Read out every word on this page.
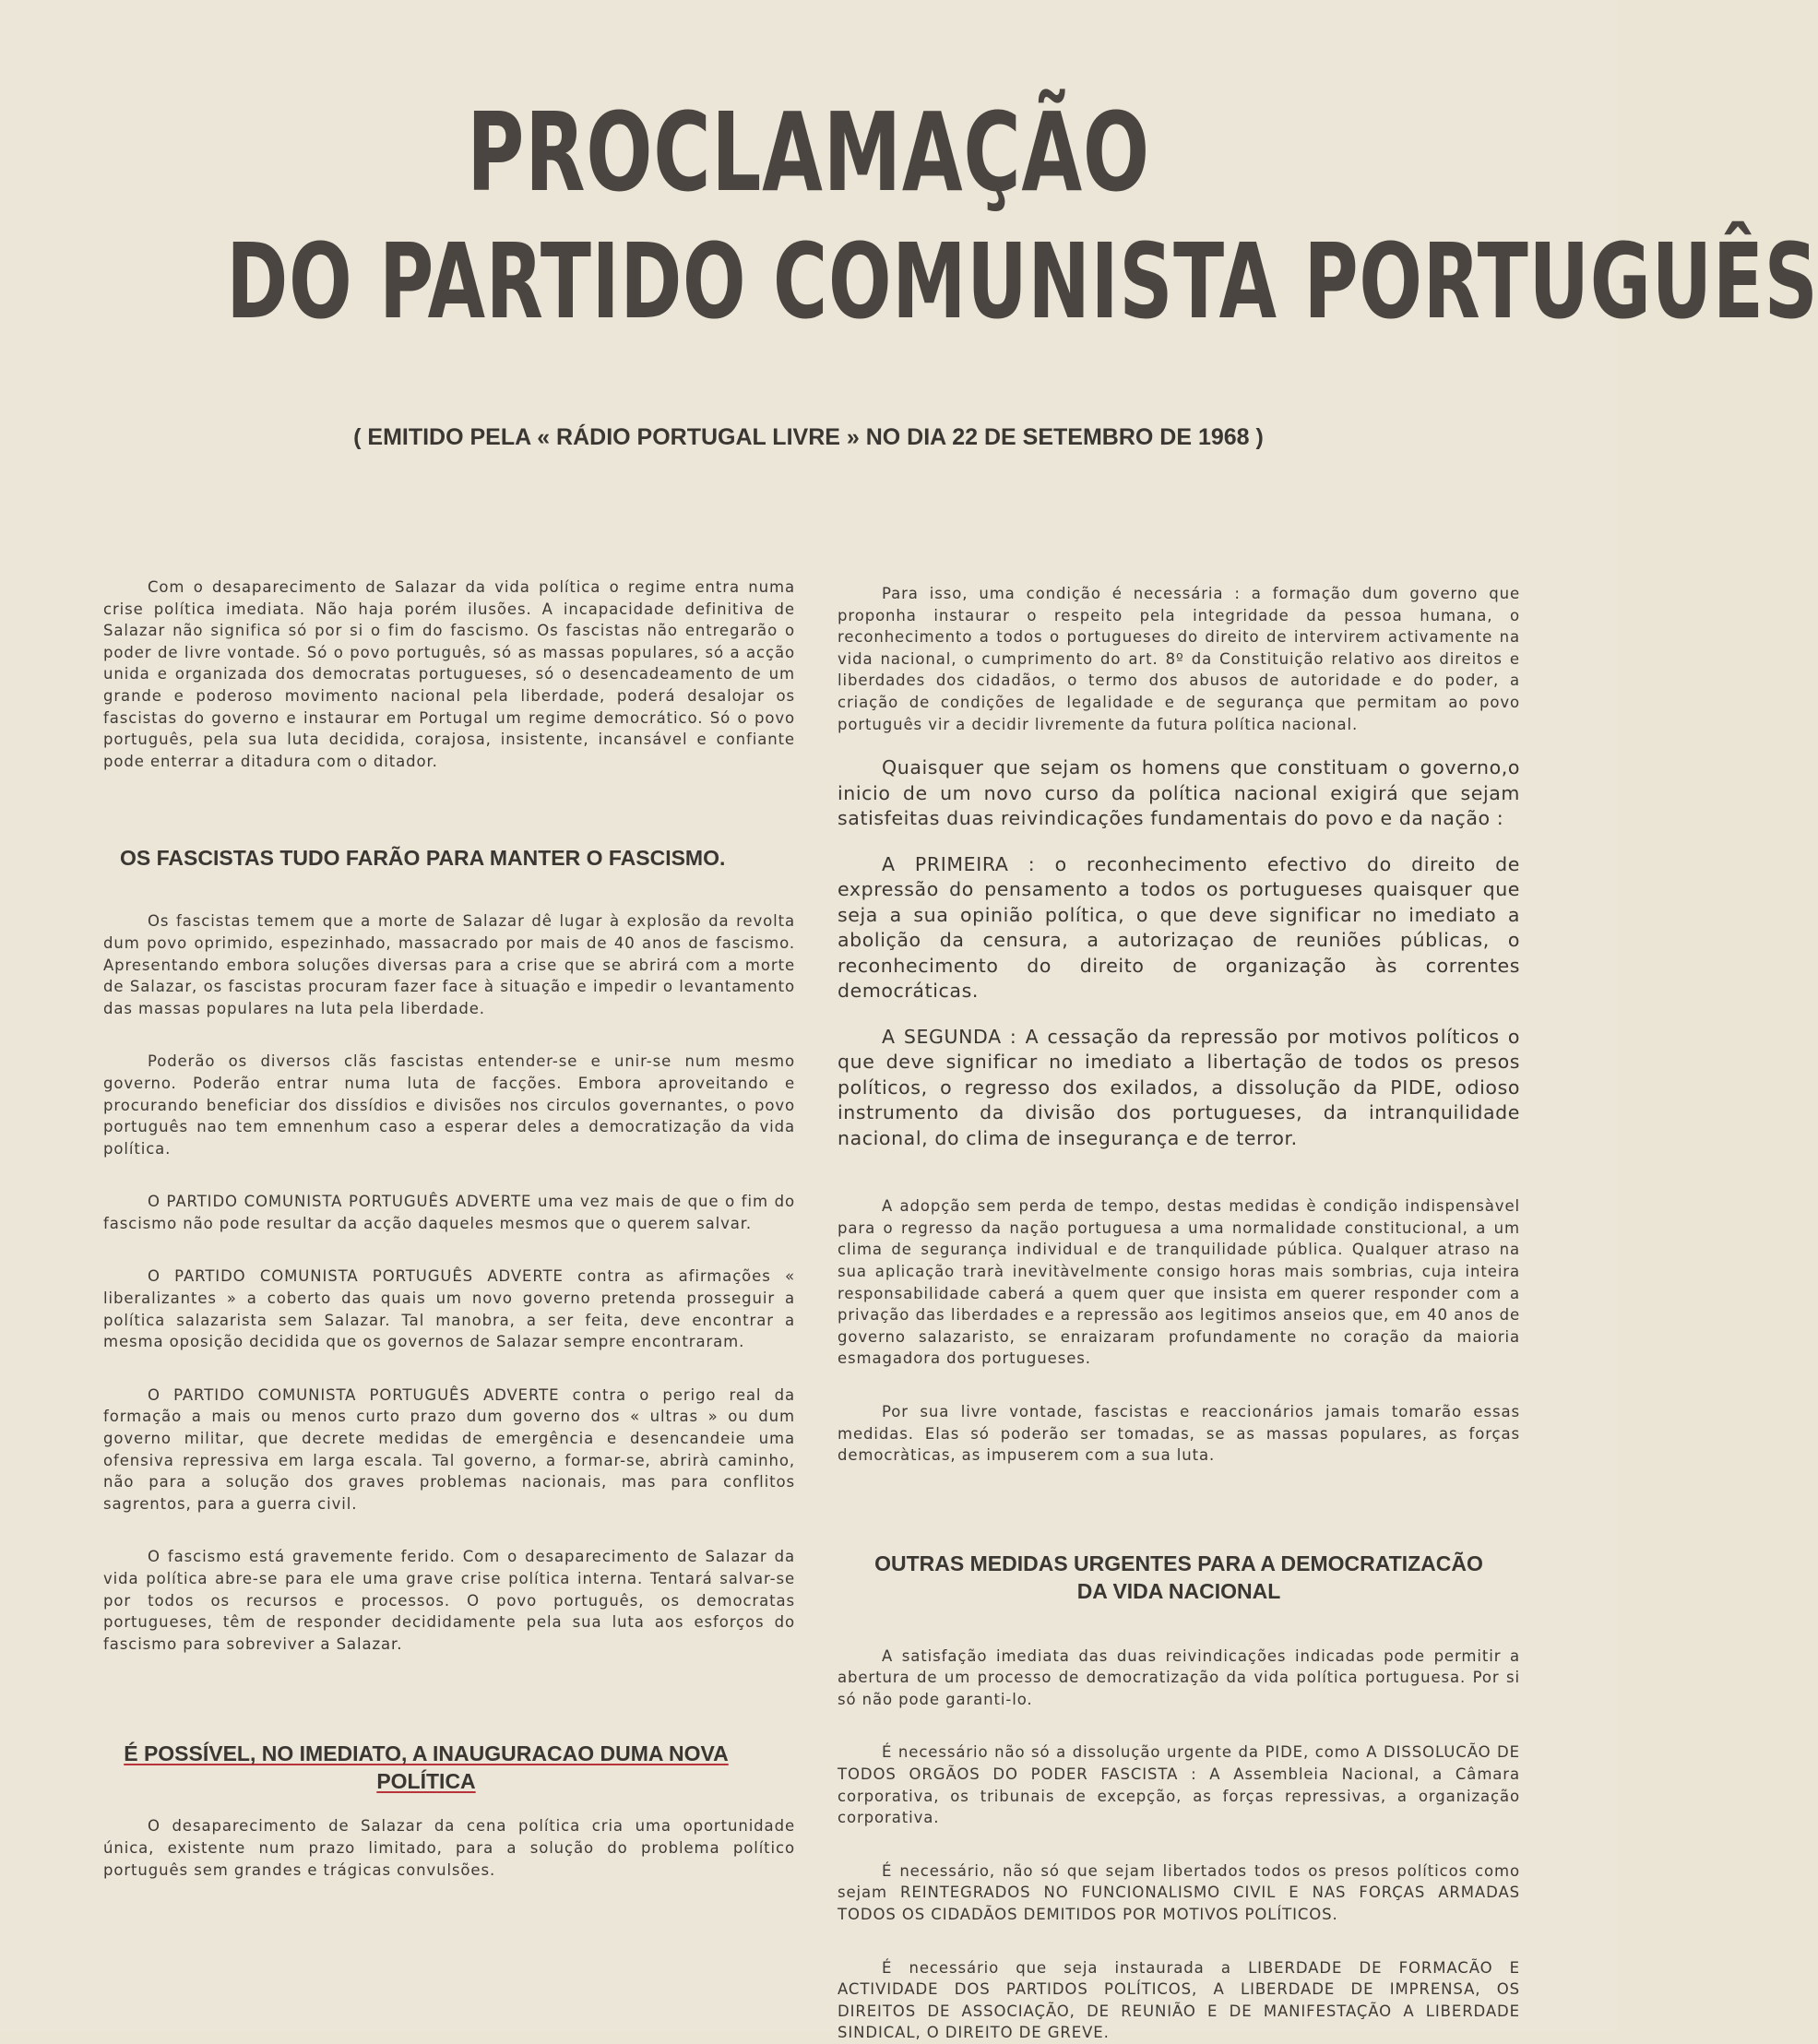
PROCLAMAÇÃO
DO PARTIDO COMUNISTA PORTUGUÊS
( EMITIDO PELA « RÁDIO PORTUGAL LIVRE » NO DIA 22 DE SETEMBRO DE 1968 )

Com o desaparecimento de Salazar da vida política o regime entra numa crise política imediata. Não haja porém ilusões. A incapacidade definitiva de Salazar não significa só por si o fim do fascismo. Os fascistas não entregarão o poder de livre vontade. Só o povo português, só as massas populares, só a acção unida e organizada dos democratas portugueses, só o desencadeamento de um grande e poderoso movimento nacional pela liberdade, poderá desalojar os fascistas do governo e instaurar em Portugal um regime democrático. Só o povo português, pela sua luta decidida, corajosa, insistente, incansável e confiante pode enterrar a ditadura com o ditador.

OS FASCISTAS TUDO FARÃO PARA MANTER O FASCISMO.

Os fascistas temem que a morte de Salazar dê lugar à explosão da revolta dum povo oprimido, espezinhado, massacrado por mais de 40 anos de fascismo. Apresentando embora soluções diversas para a crise que se abrirá com a morte de Salazar, os fascistas procuram fazer face à situação e impedir o levantamento das massas populares na luta pela liberdade.

Poderão os diversos clãs fascistas entender-se e unir-se num mesmo governo. Poderão entrar numa luta de facções. Embora aproveitando e procurando beneficiar dos dissídios e divisões nos circulos governantes, o povo português nao tem emnenhum caso a esperar deles a democratização da vida política.

O PARTIDO COMUNISTA PORTUGUÊS ADVERTE uma vez mais de que o fim do fascismo não pode resultar da acção daqueles mesmos que o querem salvar.

O PARTIDO COMUNISTA PORTUGUÊS ADVERTE contra as afirmações « liberalizantes » a coberto das quais um novo governo pretenda prosseguir a política salazarista sem Salazar. Tal manobra, a ser feita, deve encontrar a mesma oposição decidida que os governos de Salazar sempre encontraram.

O PARTIDO COMUNISTA PORTUGUÊS ADVERTE contra o perigo real da formação a mais ou menos curto prazo dum governo dos « ultras » ou dum governo militar, que decrete medidas de emergência e desencandeie uma ofensiva repressiva em larga escala. Tal governo, a formar-se, abrirà caminho, não para a solução dos graves problemas nacionais, mas para conflitos sagrentos, para a guerra civil.

O fascismo está gravemente ferido. Com o desaparecimento de Salazar da vida política abre-se para ele uma grave crise política interna. Tentará salvar-se por todos os recursos e processos. O povo português, os democratas portugueses, têm de responder decididamente pela sua luta aos esforços do fascismo para sobreviver a Salazar.

É POSSÍVEL, NO IMEDIATO, A INAUGURACAO DUMA NOVA
POLÍTICA

O desaparecimento de Salazar da cena política cria uma oportunidade única, existente num prazo limitado, para a solução do problema político português sem grandes e trágicas convulsões.

Para isso, uma condição é necessária : a formação dum governo que proponha instaurar o respeito pela integridade da pessoa humana, o reconhecimento a todos o portugueses do direito de intervirem activamente na vida nacional, o cumprimento do art. 8º da Constituição relativo aos direitos e liberdades dos cidadãos, o termo dos abusos de autoridade e do poder, a criação de condições de legalidade e de segurança que permitam ao povo português vir a decidir livremente da futura política nacional.

Quaisquer que sejam os homens que constituam o governo,o inicio de um novo curso da política nacional exigirá que sejam satisfeitas duas reivindicações fundamentais do povo e da nação :

A PRIMEIRA : o reconhecimento efectivo do direito de expressão do pensamento a todos os portugueses quaisquer que seja a sua opinião política, o que deve significar no imediato a abolição da censura, a autorizaçao de reuniões públicas, o reconhecimento do direito de organização às correntes democráticas.

A SEGUNDA : A cessação da repressão por motivos políticos o que deve significar no imediato a libertação de todos os presos políticos, o regresso dos exilados, a dissolução da PIDE, odioso instrumento da divisão dos portugueses, da intranquilidade nacional, do clima de insegurança e de terror.

A adopção sem perda de tempo, destas medidas è condição indispensàvel para o regresso da nação portuguesa a uma normalidade constitucional, a um clima de segurança individual e de tranquilidade pública. Qualquer atraso na sua aplicação trarà inevitàvelmente consigo horas mais sombrias, cuja inteira responsabilidade caberá a quem quer que insista em querer responder com a privação das liberdades e a repressão aos legitimos anseios que, em 40 anos de governo salazaristo, se enraizaram profundamente no coração da maioria esmagadora dos portugueses.

Por sua livre vontade, fascistas e reaccionários jamais tomarão essas medidas. Elas só poderão ser tomadas, se as massas populares, as forças democràticas, as impuserem com a sua luta.

OUTRAS MEDIDAS URGENTES PARA A DEMOCRATIZACÃO
DA VIDA NACIONAL

A satisfação imediata das duas reivindicações indicadas pode permitir a abertura de um processo de democratização da vida política portuguesa. Por si só não pode garanti-lo.

É necessário não só a dissolução urgente da PIDE, como A DISSOLUCÃO DE TODOS ORGÃOS DO PODER FASCISTA : A Assembleia Nacional, a Câmara corporativa, os tribunais de excepção, as forças repressivas, a organização corporativa.

É necessário, não só que sejam libertados todos os presos políticos como sejam REINTEGRADOS NO FUNCIONALISMO CIVIL E NAS FORÇAS ARMADAS TODOS OS CIDADÃOS DEMITIDOS POR MOTIVOS POLÍTICOS.

É necessário que seja instaurada a LIBERDADE DE FORMACÃO E ACTIVIDADE DOS PARTIDOS POLÍTICOS, A LIBERDADE DE IMPRENSA, OS DIREITOS DE ASSOCIAÇÃO, DE REUNIÃO E DE MANIFESTAÇÃO A LIBERDADE SINDICAL, O DIREITO DE GREVE.
